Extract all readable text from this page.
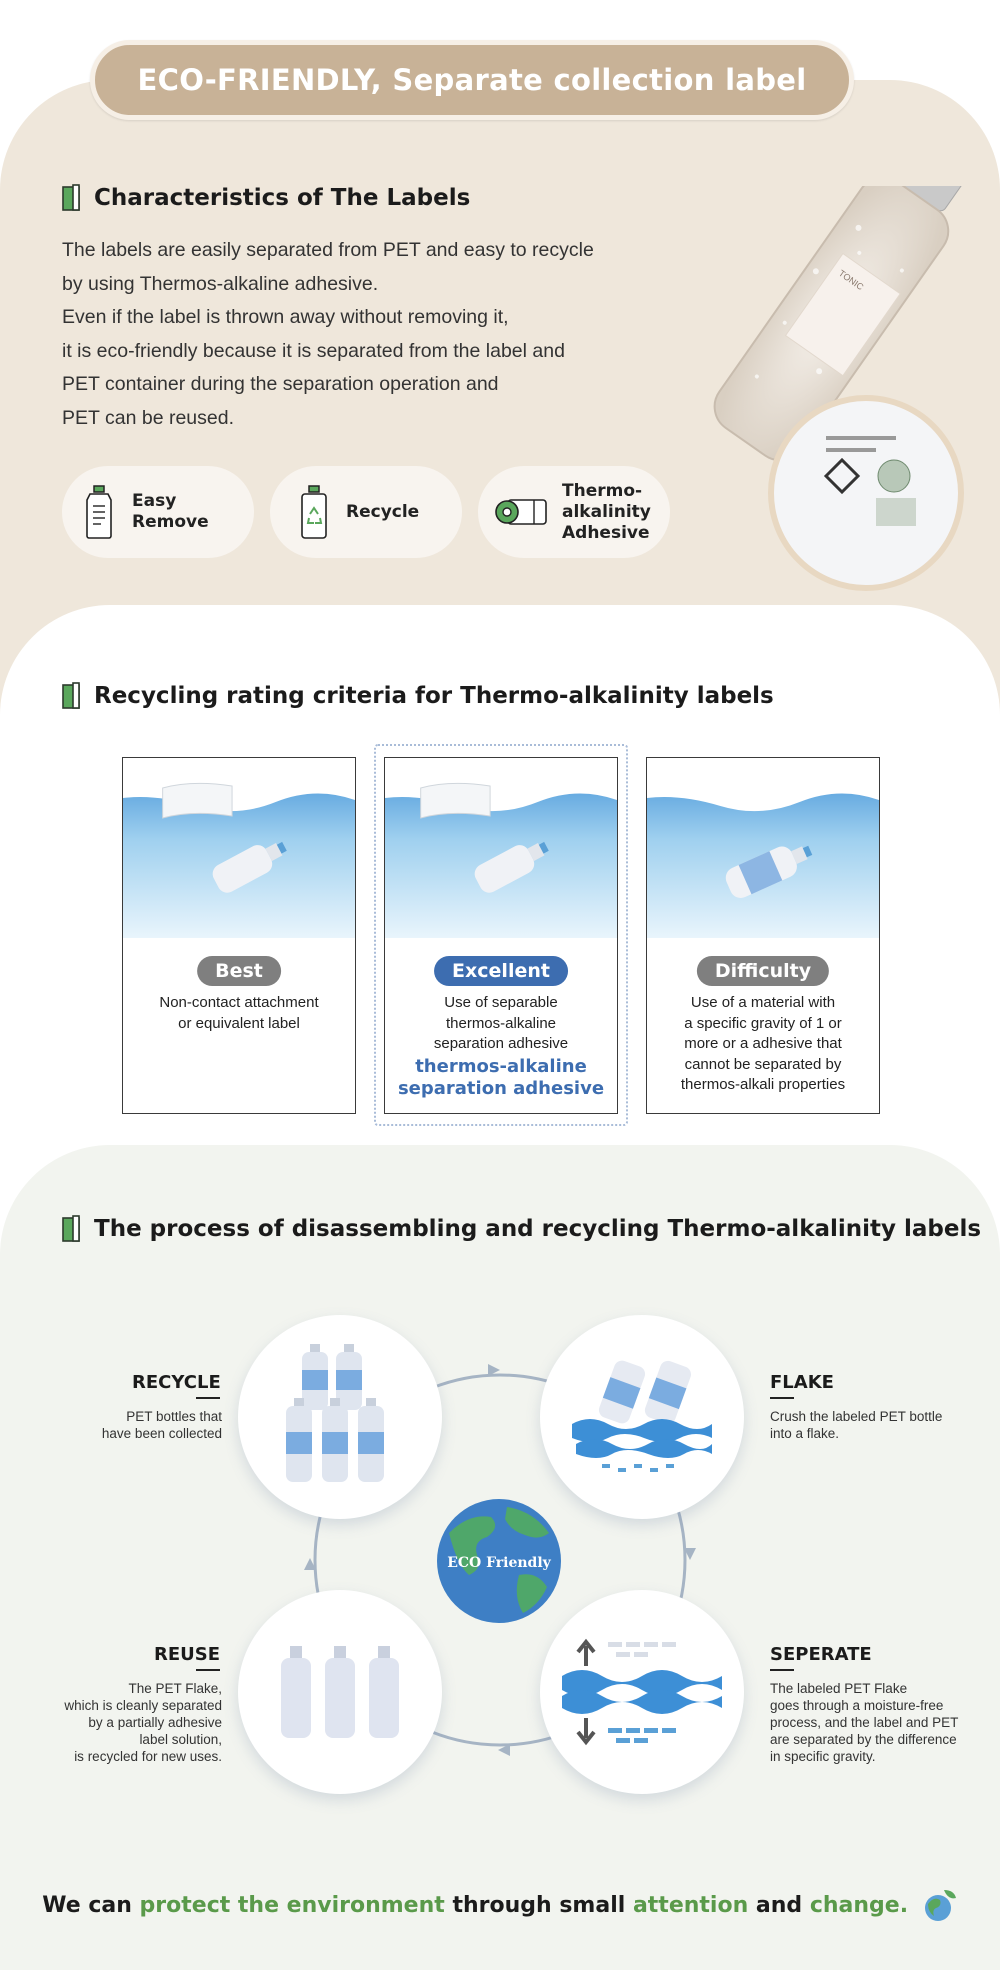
ECO-FRIENDLY, Separate collection label
Characteristics of The Labels
The labels are easily separated from PET and easy to recycle
by using Thermos-alkaline adhesive.
Even if the label is thrown away without removing it,
it is eco-friendly because it is separated from the label and
PET container during the separation operation and
PET can be reused.
Easy
Remove
Recycle
Thermo-
alkalinity
Adhesive
TONIC
Recycling rating criteria for Thermo-alkalinity labels
Best
Non-contact attachment
or equivalent label
Excellent
Use of separable
thermos-alkaline
separation adhesive
thermos-alkaline
separation adhesive
Difficulty
Use of a material with
a specific gravity of 1 or
more or a adhesive that
cannot be separated by
thermos-alkali properties
The process of disassembling and recycling Thermo-alkalinity labels
ECO Friendly
RECYCLE
PET bottles that
have been collected
FLAKE
Crush the labeled PET bottle
into a flake.
REUSE
The PET Flake,
which is cleanly separated
by a partially adhesive
label solution,
is recycled for new uses.
SEPERATE
The labeled PET Flake
goes through a moisture-free
process, and the label and PET
are separated by the difference
in specific gravity.
We can protect the environment through small attention and change.
